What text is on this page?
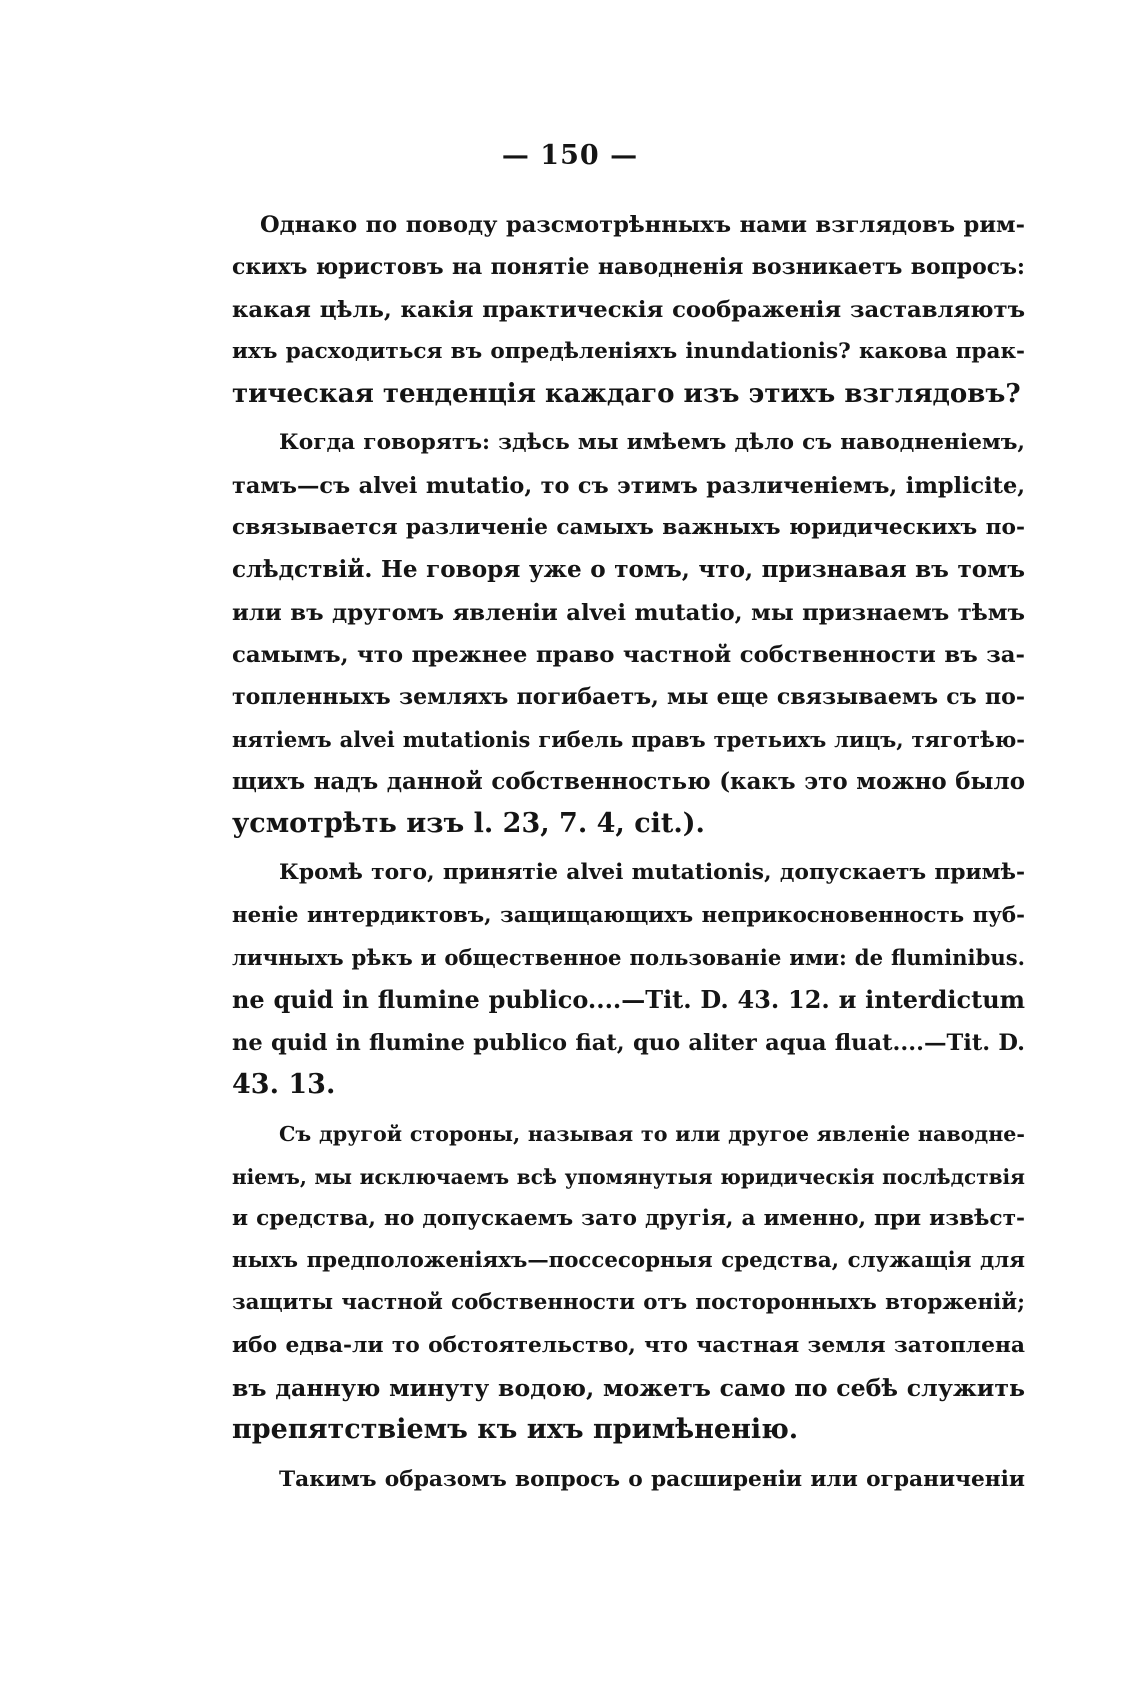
— 150 —
Однако по поводу разсмотрѣнныхъ нами взглядовъ рим-
скихъ юристовъ на понятіе наводненія возникаетъ вопросъ:
какая цѣль, какія практическія соображенія заставляютъ
ихъ расходиться въ опредѣленіяхъ inundationis? какова прак-
тическая тенденція каждаго изъ этихъ взглядовъ?
Когда говорятъ: здѣсь мы имѣемъ дѣло съ наводненіемъ,
тамъ—съ alvei mutatio, то съ этимъ различеніемъ, implicite,
связывается различеніе самыхъ важныхъ юридическихъ по-
слѣдствій. Не говоря уже о томъ, что, признавая въ томъ
или въ другомъ явленіи alvei mutatio, мы признаемъ тѣмъ
самымъ, что прежнее право частной собственности въ за-
топленныхъ земляхъ погибаетъ, мы еще связываемъ съ по-
нятіемъ alvei mutationis гибель правъ третьихъ лицъ, тяготѣю-
щихъ надъ данной собственностью (какъ это можно было
усмотрѣть изъ l. 23, 7. 4, cit.).
Кромѣ того, принятіе alvei mutationis, допускаетъ примѣ-
неніе интердиктовъ, защищающихъ неприкосновенность пуб-
личныхъ рѣкъ и общественное пользованіе ими: de fluminibus.
ne quid in flumine publico....—Tit. D. 43. 12. и interdictum
ne quid in flumine publico fiat, quo aliter aqua fluat....—Tit. D.
43. 13.
Съ другой стороны, называя то или другое явленіе наводне-
ніемъ, мы исключаемъ всѣ упомянутыя юридическія послѣдствія
и средства, но допускаемъ зато другія, а именно, при извѣст-
ныхъ предположеніяхъ—поссесорныя средства, служащія для
защиты частной собственности отъ посторонныхъ вторженій;
ибо едва-ли то обстоятельство, что частная земля затоплена
въ данную минуту водою, можетъ само по себѣ служить
препятствіемъ къ ихъ примѣненію.
Такимъ образомъ вопросъ о расширеніи или ограниченіи
